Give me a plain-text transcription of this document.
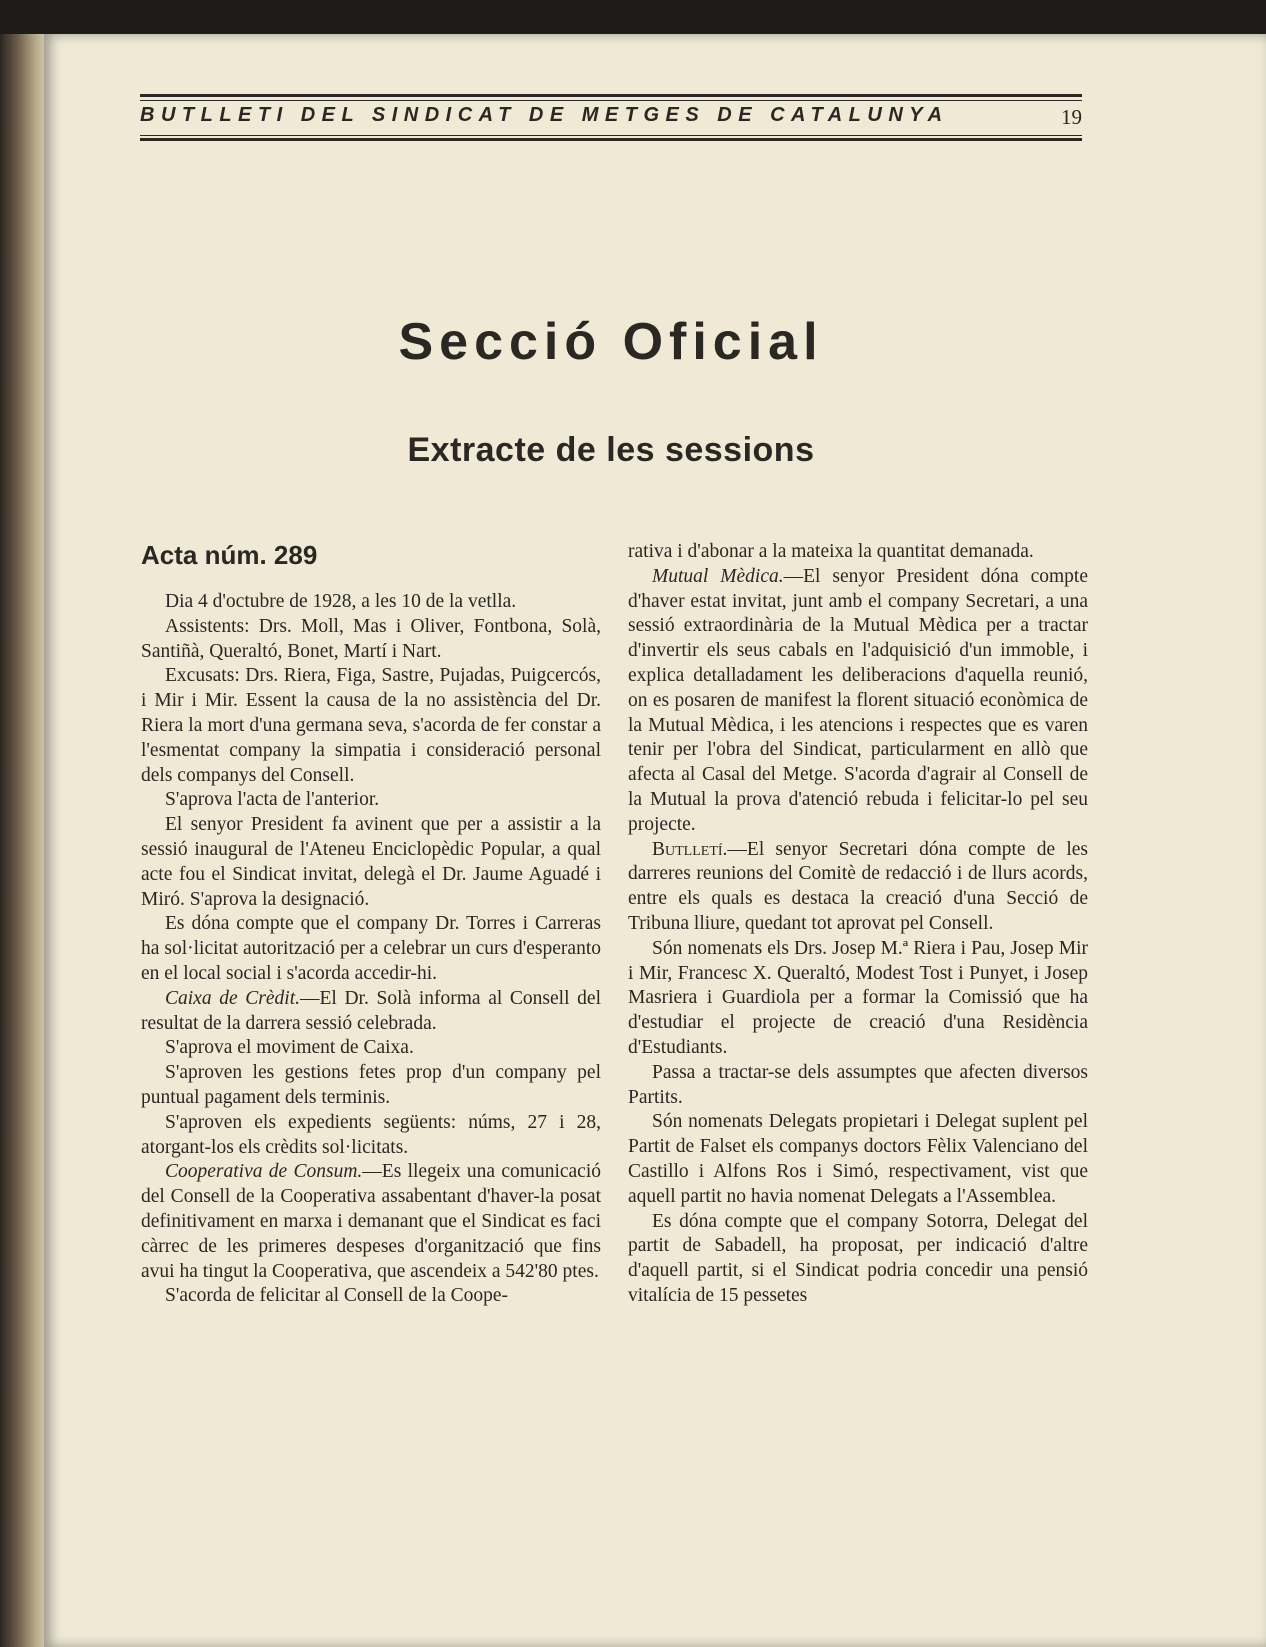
BUTLLETI DEL SINDICAT DE METGES DE CATALUNYA	19
Secció Oficial
Extracte de les sessions
Acta núm. 289

Dia 4 d'octubre de 1928, a les 10 de la vetlla.

Assistents: Drs. Moll, Mas i Oliver, Fontbona, Solà, Santiñà, Queraltó, Bonet, Martí i Nart.

Excusats: Drs. Riera, Figa, Sastre, Pujadas, Puigcercós, i Mir i Mir. Essent la causa de la no assistència del Dr. Riera la mort d'una germana seva, s'acorda de fer constar a l'esmentat company la simpatia i consideració personal dels companys del Consell.

S'aprova l'acta de l'anterior.

El senyor President fa avinent que per a assistir a la sessió inaugural de l'Ateneu Enciclopèdic Popular, a qual acte fou el Sindicat invitat, delegà el Dr. Jaume Aguadé i Miró. S'aprova la designació.

Es dóna compte que el company Dr. Torres i Carreras ha sol·licitat autorització per a celebrar un curs d'esperanto en el local social i s'acorda accedir-hi.

Caixa de Crèdit.—El Dr. Solà informa al Consell del resultat de la darrera sessió celebrada.

S'aprova el moviment de Caixa.

S'aproven les gestions fetes prop d'un company pel puntual pagament dels terminis.

S'aproven els expedients següents: núms, 27 i 28, atorgant-los els crèdits sol·licitats.

Cooperativa de Consum.—Es llegeix una comunicació del Consell de la Cooperativa assabentant d'haver-la posat definitivament en marxa i demanant que el Sindicat es faci càrrec de les primeres despeses d'organització que fins avui ha tingut la Cooperativa, que ascendeix a 542'80 ptes.

S'acorda de felicitar al Consell de la Coope-

rativa i d'abonar a la mateixa la quantitat demanada.

Mutual Mèdica.—El senyor President dóna compte d'haver estat invitat, junt amb el company Secretari, a una sessió extraordinària de la Mutual Mèdica per a tractar d'invertir els seus cabals en l'adquisició d'un immoble, i explica detalladament les deliberacions d'aquella reunió, on es posaren de manifest la florent situació econòmica de la Mutual Mèdica, i les atencions i respectes que es varen tenir per l'obra del Sindicat, particularment en allò que afecta al Casal del Metge. S'acorda d'agrair al Consell de la Mutual la prova d'atenció rebuda i felicitar-lo pel seu projecte.

Butlletí.—El senyor Secretari dóna compte de les darreres reunions del Comitè de redacció i de llurs acords, entre els quals es destaca la creació d'una Secció de Tribuna lliure, quedant tot aprovat pel Consell.

Són nomenats els Drs. Josep M.ª Riera i Pau, Josep Mir i Mir, Francesc X. Queraltó, Modest Tost i Punyet, i Josep Masriera i Guardiola per a formar la Comissió que ha d'estudiar el projecte de creació d'una Residència d'Estudiants.

Passa a tractar-se dels assumptes que afecten diversos Partits.

Són nomenats Delegats propietari i Delegat suplent pel Partit de Falset els companys doctors Fèlix Valenciano del Castillo i Alfons Ros i Simó, respectivament, vist que aquell partit no havia nomenat Delegats a l'Assemblea.

Es dóna compte que el company Sotorra, Delegat del partit de Sabadell, ha proposat, per indicació d'altre d'aquell partit, si el Sindicat podria concedir una pensió vitalícia de 15 pessetes
